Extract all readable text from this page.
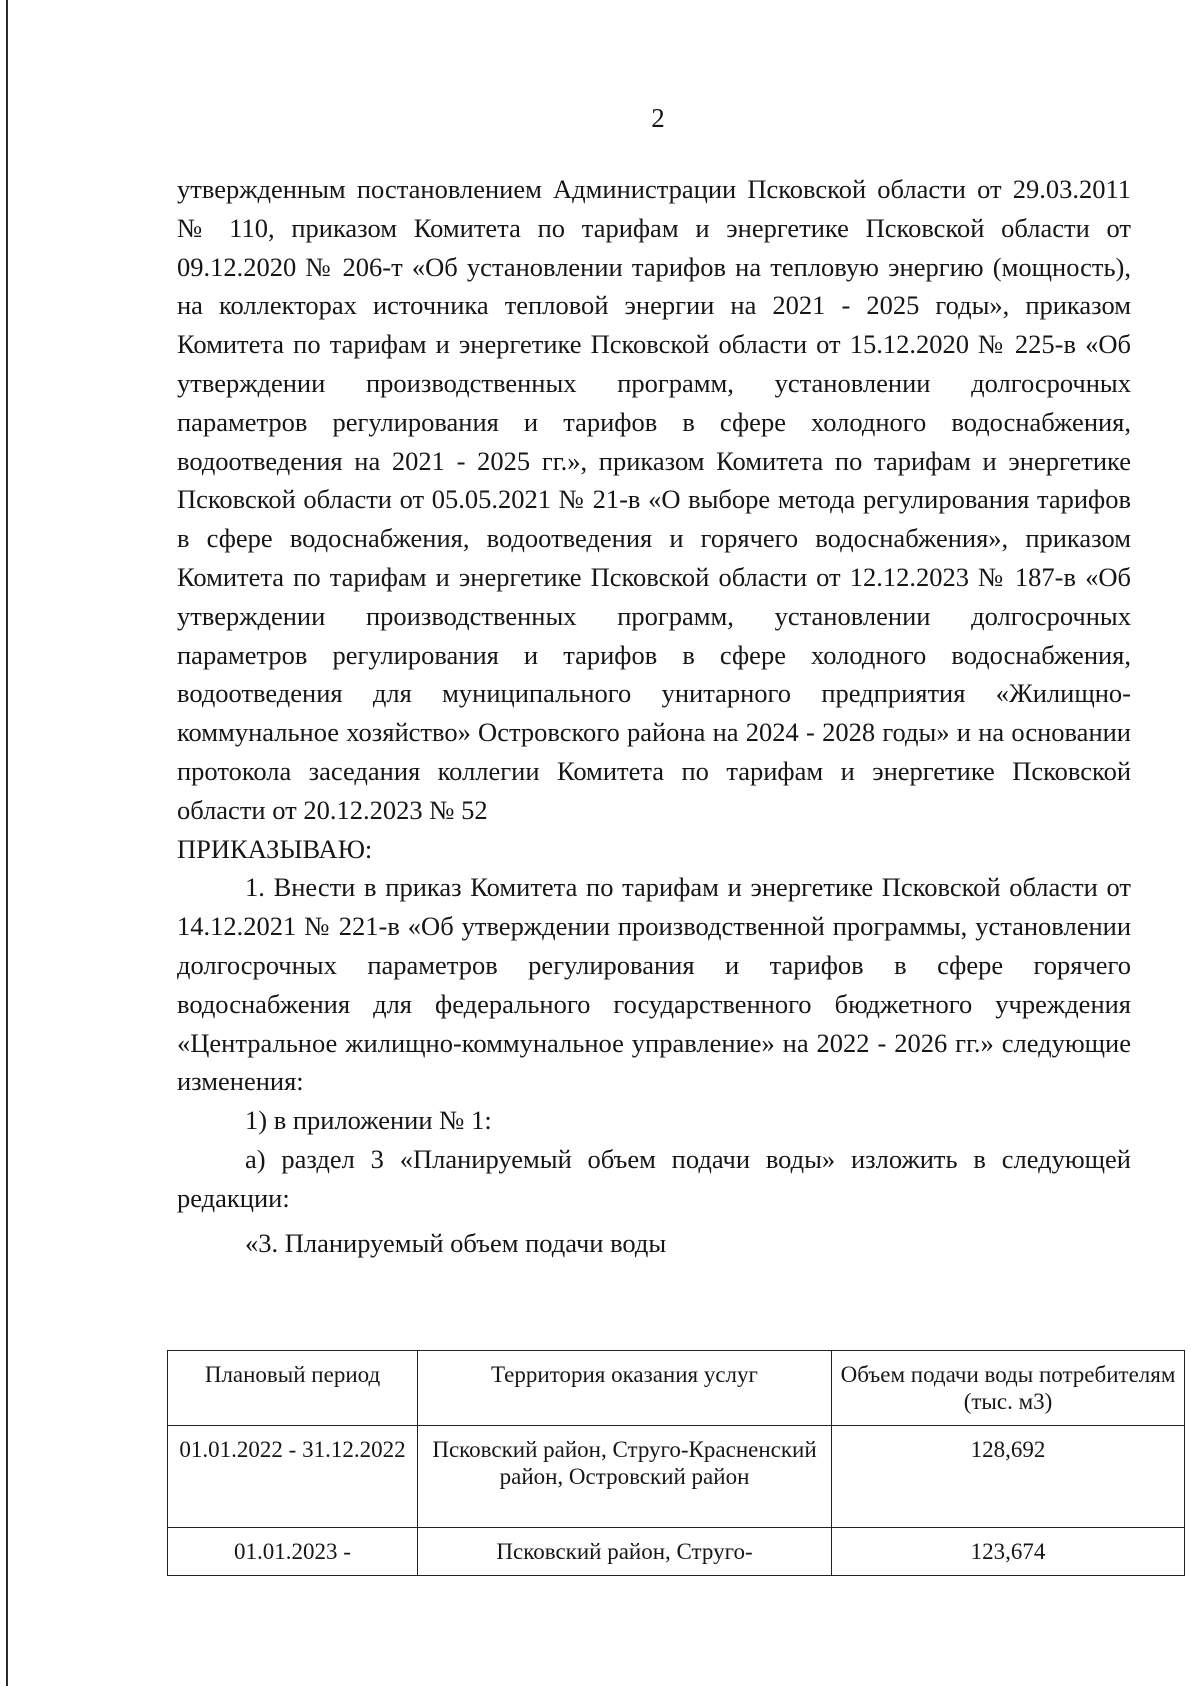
2

утвержденным постановлением Администрации Псковской области от 29.03.2011 № 110, приказом Комитета по тарифам и энергетике Псковской области от 09.12.2020 № 206-т «Об установлении тарифов на тепловую энергию (мощность), на коллекторах источника тепловой энергии на 2021 - 2025 годы», приказом Комитета по тарифам и энергетике Псковской области от 15.12.2020 № 225-в «Об утверждении производственных программ, установлении долгосрочных параметров регулирования и тарифов в сфере холодного водоснабжения, водоотведения на 2021 - 2025 гг.», приказом Комитета по тарифам и энергетике Псковской области от 05.05.2021 № 21-в «О выборе метода регулирования тарифов в сфере водоснабжения, водоотведения и горячего водоснабжения», приказом Комитета по тарифам и энергетике Псковской области от 12.12.2023 № 187-в «Об утверждении производственных программ, установлении долгосрочных параметров регулирования и тарифов в сфере холодного водоснабжения, водоотведения для муниципального унитарного предприятия «Жилищно-коммунальное хозяйство» Островского района на 2024 - 2028 годы» и на основании протокола заседания коллегии Комитета по тарифам и энергетике Псковской области от 20.12.2023 № 52

ПРИКАЗЫВАЮ:

1. Внести в приказ Комитета по тарифам и энергетике Псковской области от 14.12.2021 № 221-в «Об утверждении производственной программы, установлении долгосрочных параметров регулирования и тарифов в сфере горячего водоснабжения для федерального государственного бюджетного учреждения «Центральное жилищно-коммунальное управление» на 2022 - 2026 гг.» следующие изменения:

1) в приложении № 1:

а) раздел 3 «Планируемый объем подачи воды» изложить в следующей редакции:

«3. Планируемый объем подачи воды

Плановый период	Территория оказания услуг	Объем подачи воды потребителям (тыс. м3)
01.01.2022 - 31.12.2022	Псковский район, Струго-Красненский район, Островский район	128,692
01.01.2023 -	Псковский район, Струго-	123,674
